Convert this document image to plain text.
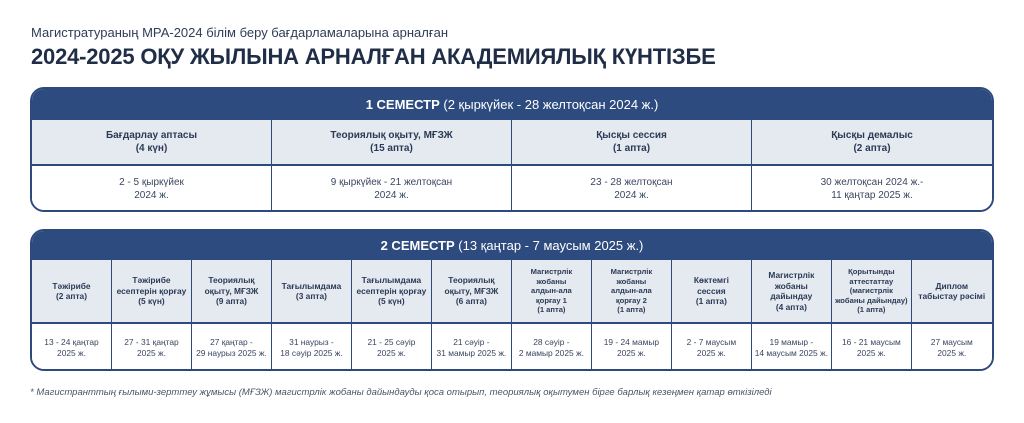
Магистратураның МРА-2024 білім беру бағдарламаларына арналған
2024-2025 ОҚУ ЖЫЛЫНА АРНАЛҒАН АКАДЕМИЯЛЫҚ КҮНТІЗБЕ
1 СЕМЕСТР (2 қыркүйек - 28 желтоқсан 2024 ж.)
Бағдарлау аптасы
(4 күн)
Теориялық оқыту, МҒЗЖ
(15 апта)
Қысқы сессия
(1 апта)
Қысқы демалыс
(2 апта)
2 - 5 қыркүйек
2024 ж.
9 қыркүйек - 21 желтоқсан
2024 ж.
23 - 28 желтоқсан
2024 ж.
30 желтоқсан 2024 ж.-
11 қаңтар 2025 ж.
2 СЕМЕСТР (13 қаңтар - 7 маусым 2025 ж.)
Тәжірибе
(2 апта)
Тәжірибе
есептерін қорғау
(5 күн)
Теориялық
оқыту, МҒЗЖ
(9 апта)
Тағылымдама
(3 апта)
Тағылымдама
есептерін қорғау
(5 күн)
Теориялық
оқыту, МҒЗЖ
(6 апта)
Магистрлік
жобаны
алдын-ала
қорғау 1
(1 апта)
Магистрлік
жобаны
алдын-ала
қорғау 2
(1 апта)
Көктемгі
сессия
(1 апта)
Магистрлік
жобаны
дайындау
(4 апта)
Қорытынды
аттестаттау
(магистрлік
жобаны дайындау)
(1 апта)
Диплом
табыстау рәсімі
13 - 24 қаңтар
2025 ж.
27 - 31 қаңтар
2025 ж.
27 қаңтар -
29 наурыз 2025 ж.
31 наурыз -
18 сәуір 2025 ж.
21 - 25 сәуір
2025 ж.
21 сәуір -
31 мамыр 2025 ж.
28 сәуір -
2 мамыр 2025 ж.
19 - 24 мамыр
2025 ж.
2 - 7 маусым
2025 ж.
19 мамыр -
14 маусым 2025 ж.
16 - 21 маусым
2025 ж.
27 маусым
2025 ж.
* Магистранттың ғылыми-зерттеу жұмысы (МҒЗЖ) магистрлік жобаны дайындауды қоса отырып, теориялық оқытумен бірге барлық кезеңмен қатар өткізіледі
